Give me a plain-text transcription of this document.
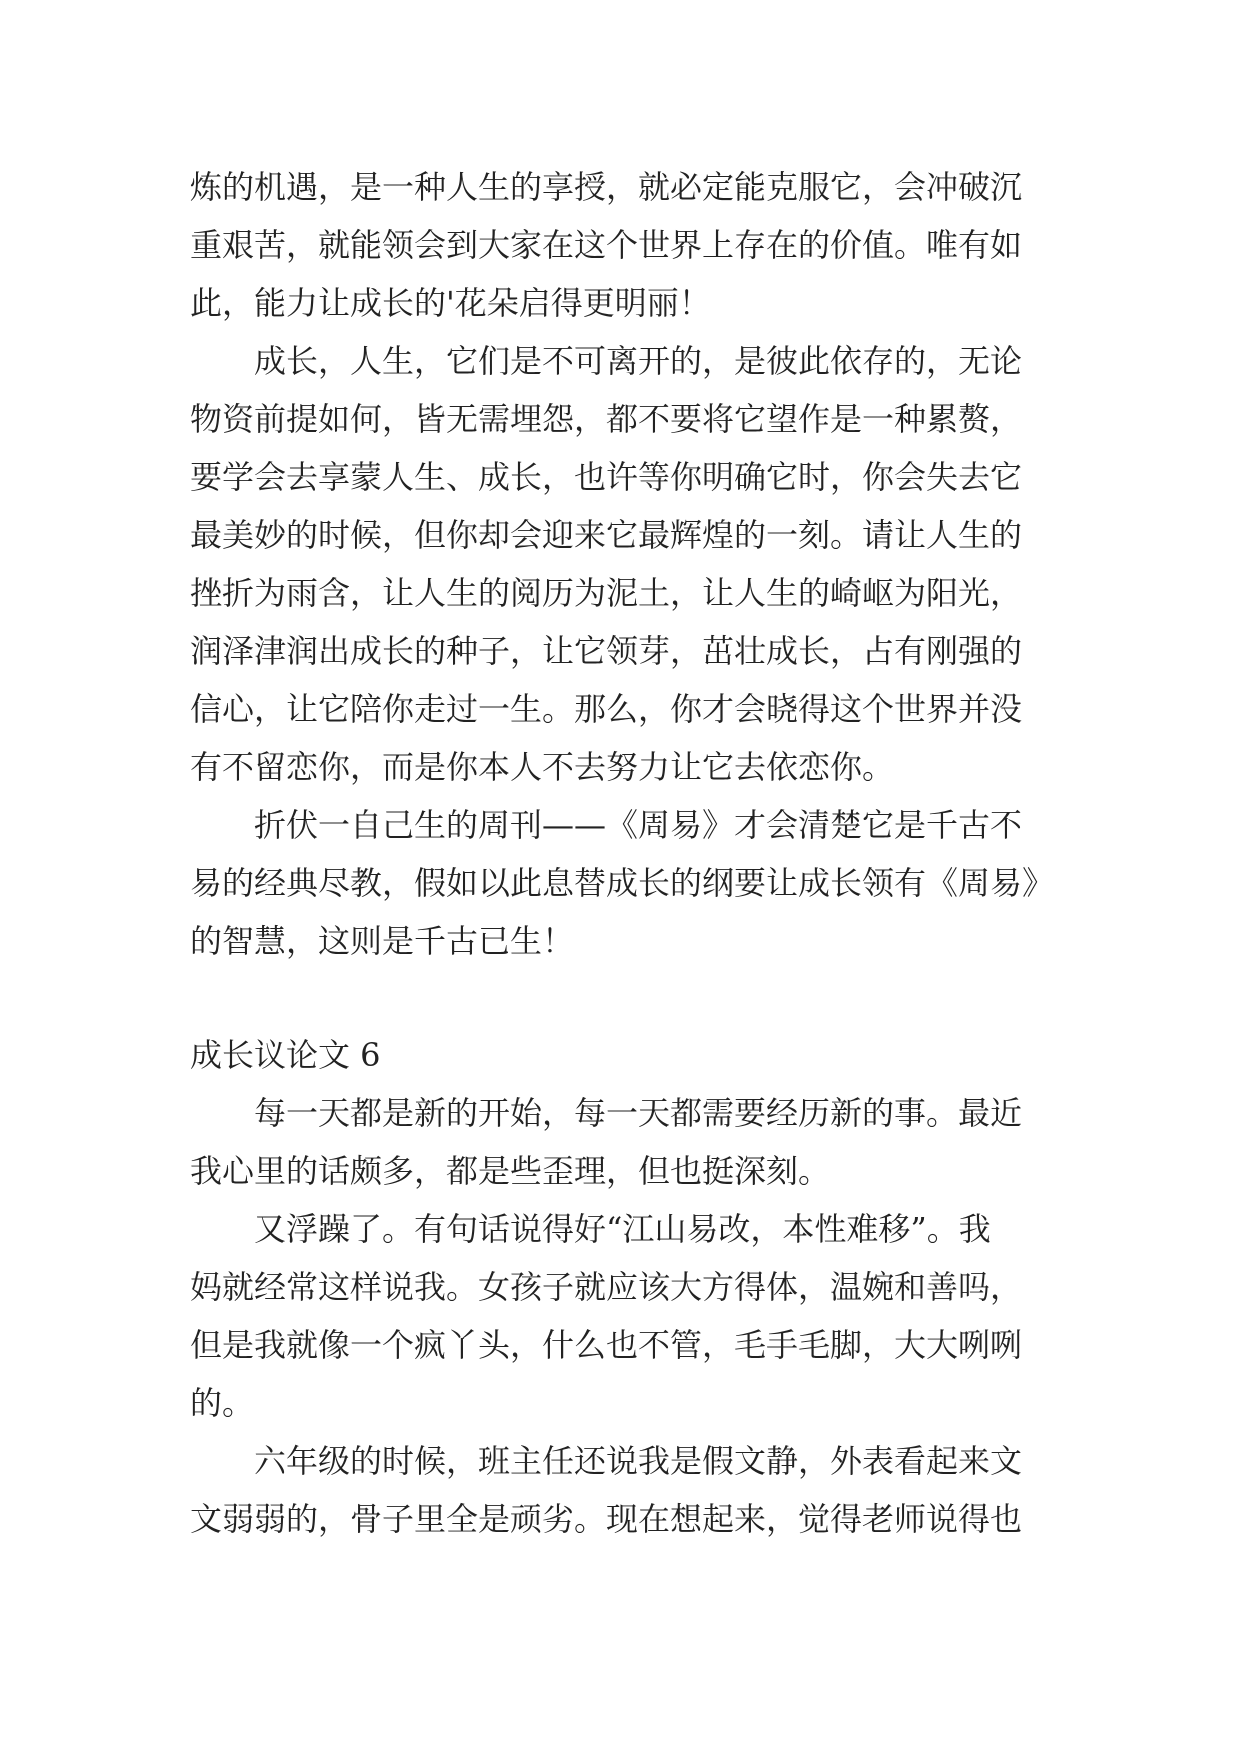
炼的机遇，是一种人生的享授，就必定能克服它，会冲破沉
重艰苦，就能领会到大家在这个世界上存在的价值。唯有如
此，能力让成长的'花朵启得更明丽！
成长，人生，它们是不可离开的，是彼此依存的，无论
物资前提如何，皆无需埋怨，都不要将它望作是一种累赘，
要学会去享蒙人生、成长，也许等你明确它时，你会失去它
最美妙的时候，但你却会迎来它最辉煌的一刻。请让人生的
挫折为雨含，让人生的阅历为泥土，让人生的崎岖为阳光，
润泽津润出成长的种子，让它领芽，茁壮成长，占有刚强的
信心，让它陪你走过一生。那么，你才会晓得这个世界并没
有不留恋你，而是你本人不去努力让它去依恋你。
折伏一自己生的周刊——《周易》才会清楚它是千古不
易的经典尽教，假如以此息替成长的纲要让成长领有《周易》
的智慧，这则是千古已生！
成长议论文 6
每一天都是新的开始，每一天都需要经历新的事。最近
我心里的话颇多，都是些歪理，但也挺深刻。
又浮躁了。有句话说得好“江山易改，本性难移”。我
妈就经常这样说我。女孩子就应该大方得体，温婉和善吗，
但是我就像一个疯丫头，什么也不管，毛手毛脚，大大咧咧
的。
六年级的时候，班主任还说我是假文静，外表看起来文
文弱弱的，骨子里全是顽劣。现在想起来，觉得老师说得也
